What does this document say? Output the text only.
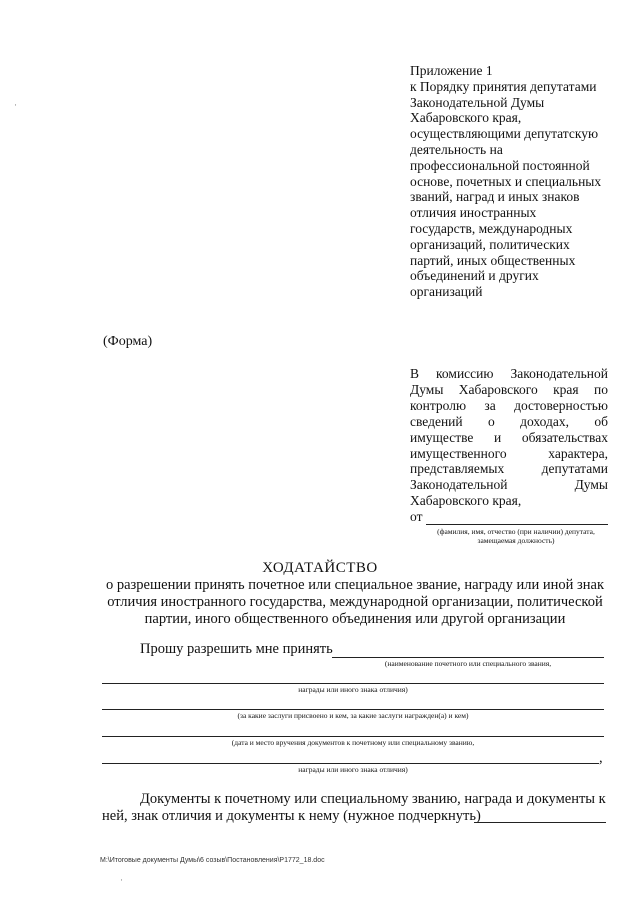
Приложение 1
к Порядку принятия депутатами
Законодательной Думы
Хабаровского края,
осуществляющими депутатскую
деятельность на
профессиональной постоянной
основе, почетных и специальных
званий, наград и иных знаков
отличия иностранных
государств, международных
организаций, политических
партий, иных общественных
объединений и других
организаций
(Форма)
В комиссию Законодательной
Думы Хабаровского края по
контролю за достоверностью
сведений о доходах, об
имуществе и обязательствах
имущественного	характера,
представляемых	депутатами
Законодательной	Думы
Хабаровского края,
от
(фамилия, имя, отчество (при наличии) депутата,
замещаемая должность)
ХОДАТАЙСТВО
о разрешении принять почетное или специальное звание, награду или иной знак отличия иностранного государства, международной организации, политической партии, иного общественного объединения или другой организации
Прошу разрешить мне принять
(наименование почетного или специального звания,
награды или иного знака отличия)
(за какие заслуги присвоено и кем, за какие заслуги награжден(а) и кем)
(дата и место вручения документов к почетному или специальному званию,
,
награды или иного знака отличия)
Документы к почетному или специальному званию, награда и документы к
ней, знак отличия и документы к нему (нужное подчеркнуть)
·
·
M:\Итоговые документы Думы\6 созыв\Постановления\P1772_18.doc
